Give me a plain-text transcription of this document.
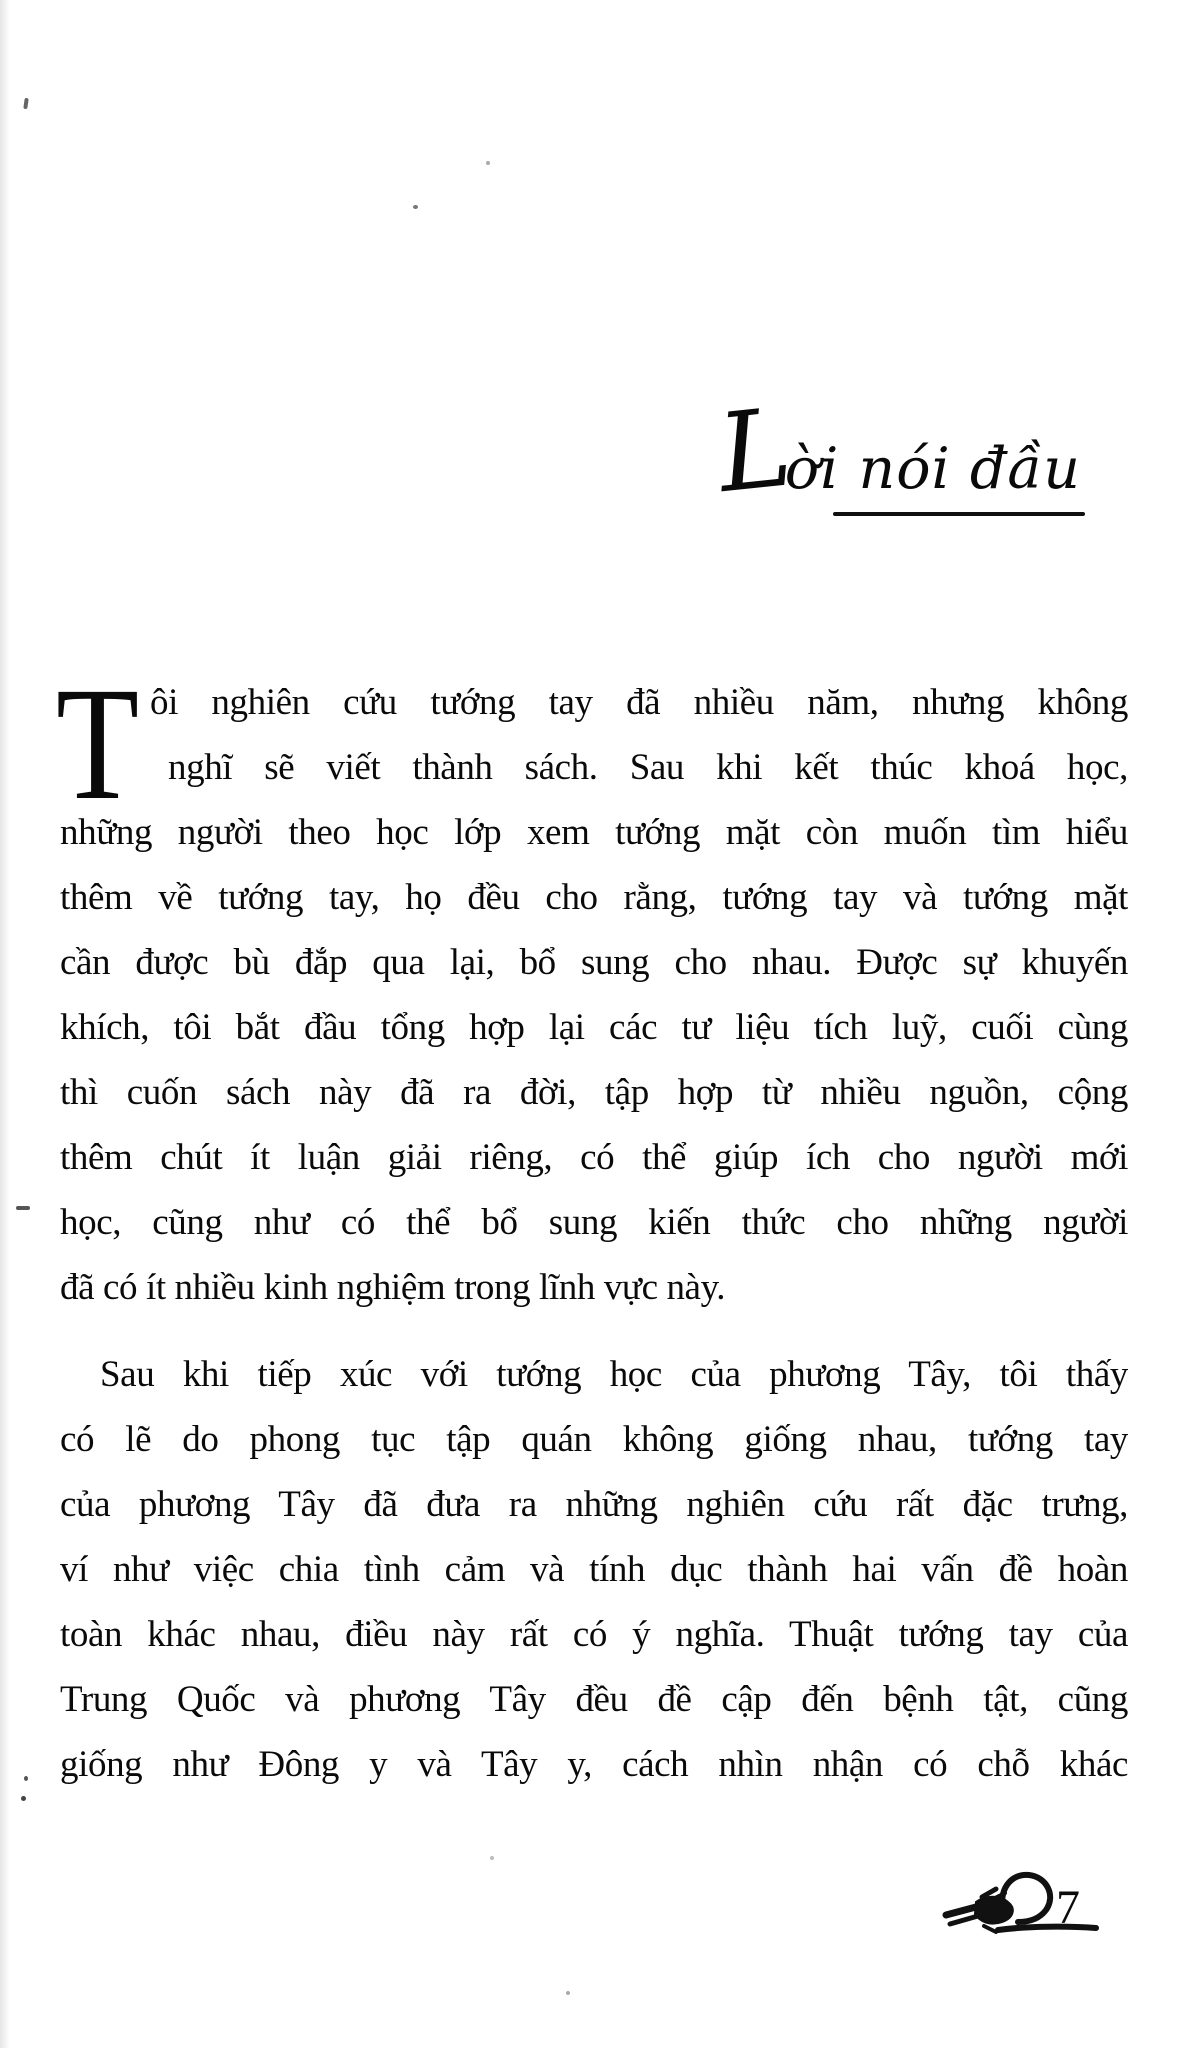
Lời nói đầu
T ôi nghiên cứu tướng tay đã nhiều năm, nhưng không
nghĩ sẽ viết thành sách. Sau khi kết thúc khoá học,
những người theo học lớp xem tướng mặt còn muốn tìm hiểu
thêm về tướng tay, họ đều cho rằng, tướng tay và tướng mặt
cần được bù đắp qua lại, bổ sung cho nhau. Được sự khuyến
khích, tôi bắt đầu tổng hợp lại các tư liệu tích luỹ, cuối cùng
thì cuốn sách này đã ra đời, tập hợp từ nhiều nguồn, cộng
thêm chút ít luận giải riêng, có thể giúp ích cho người mới
học, cũng như có thể bổ sung kiến thức cho những người
đã có ít nhiều kinh nghiệm trong lĩnh vực này.
Sau khi tiếp xúc với tướng học của phương Tây, tôi thấy
có lẽ do phong tục tập quán không giống nhau, tướng tay
của phương Tây đã đưa ra những nghiên cứu rất đặc trưng,
ví như việc chia tình cảm và tính dục thành hai vấn đề hoàn
toàn khác nhau, điều này rất có ý nghĩa. Thuật tướng tay của
Trung Quốc và phương Tây đều đề cập đến bệnh tật, cũng
giống như Đông y và Tây y, cách nhìn nhận có chỗ khác
7
